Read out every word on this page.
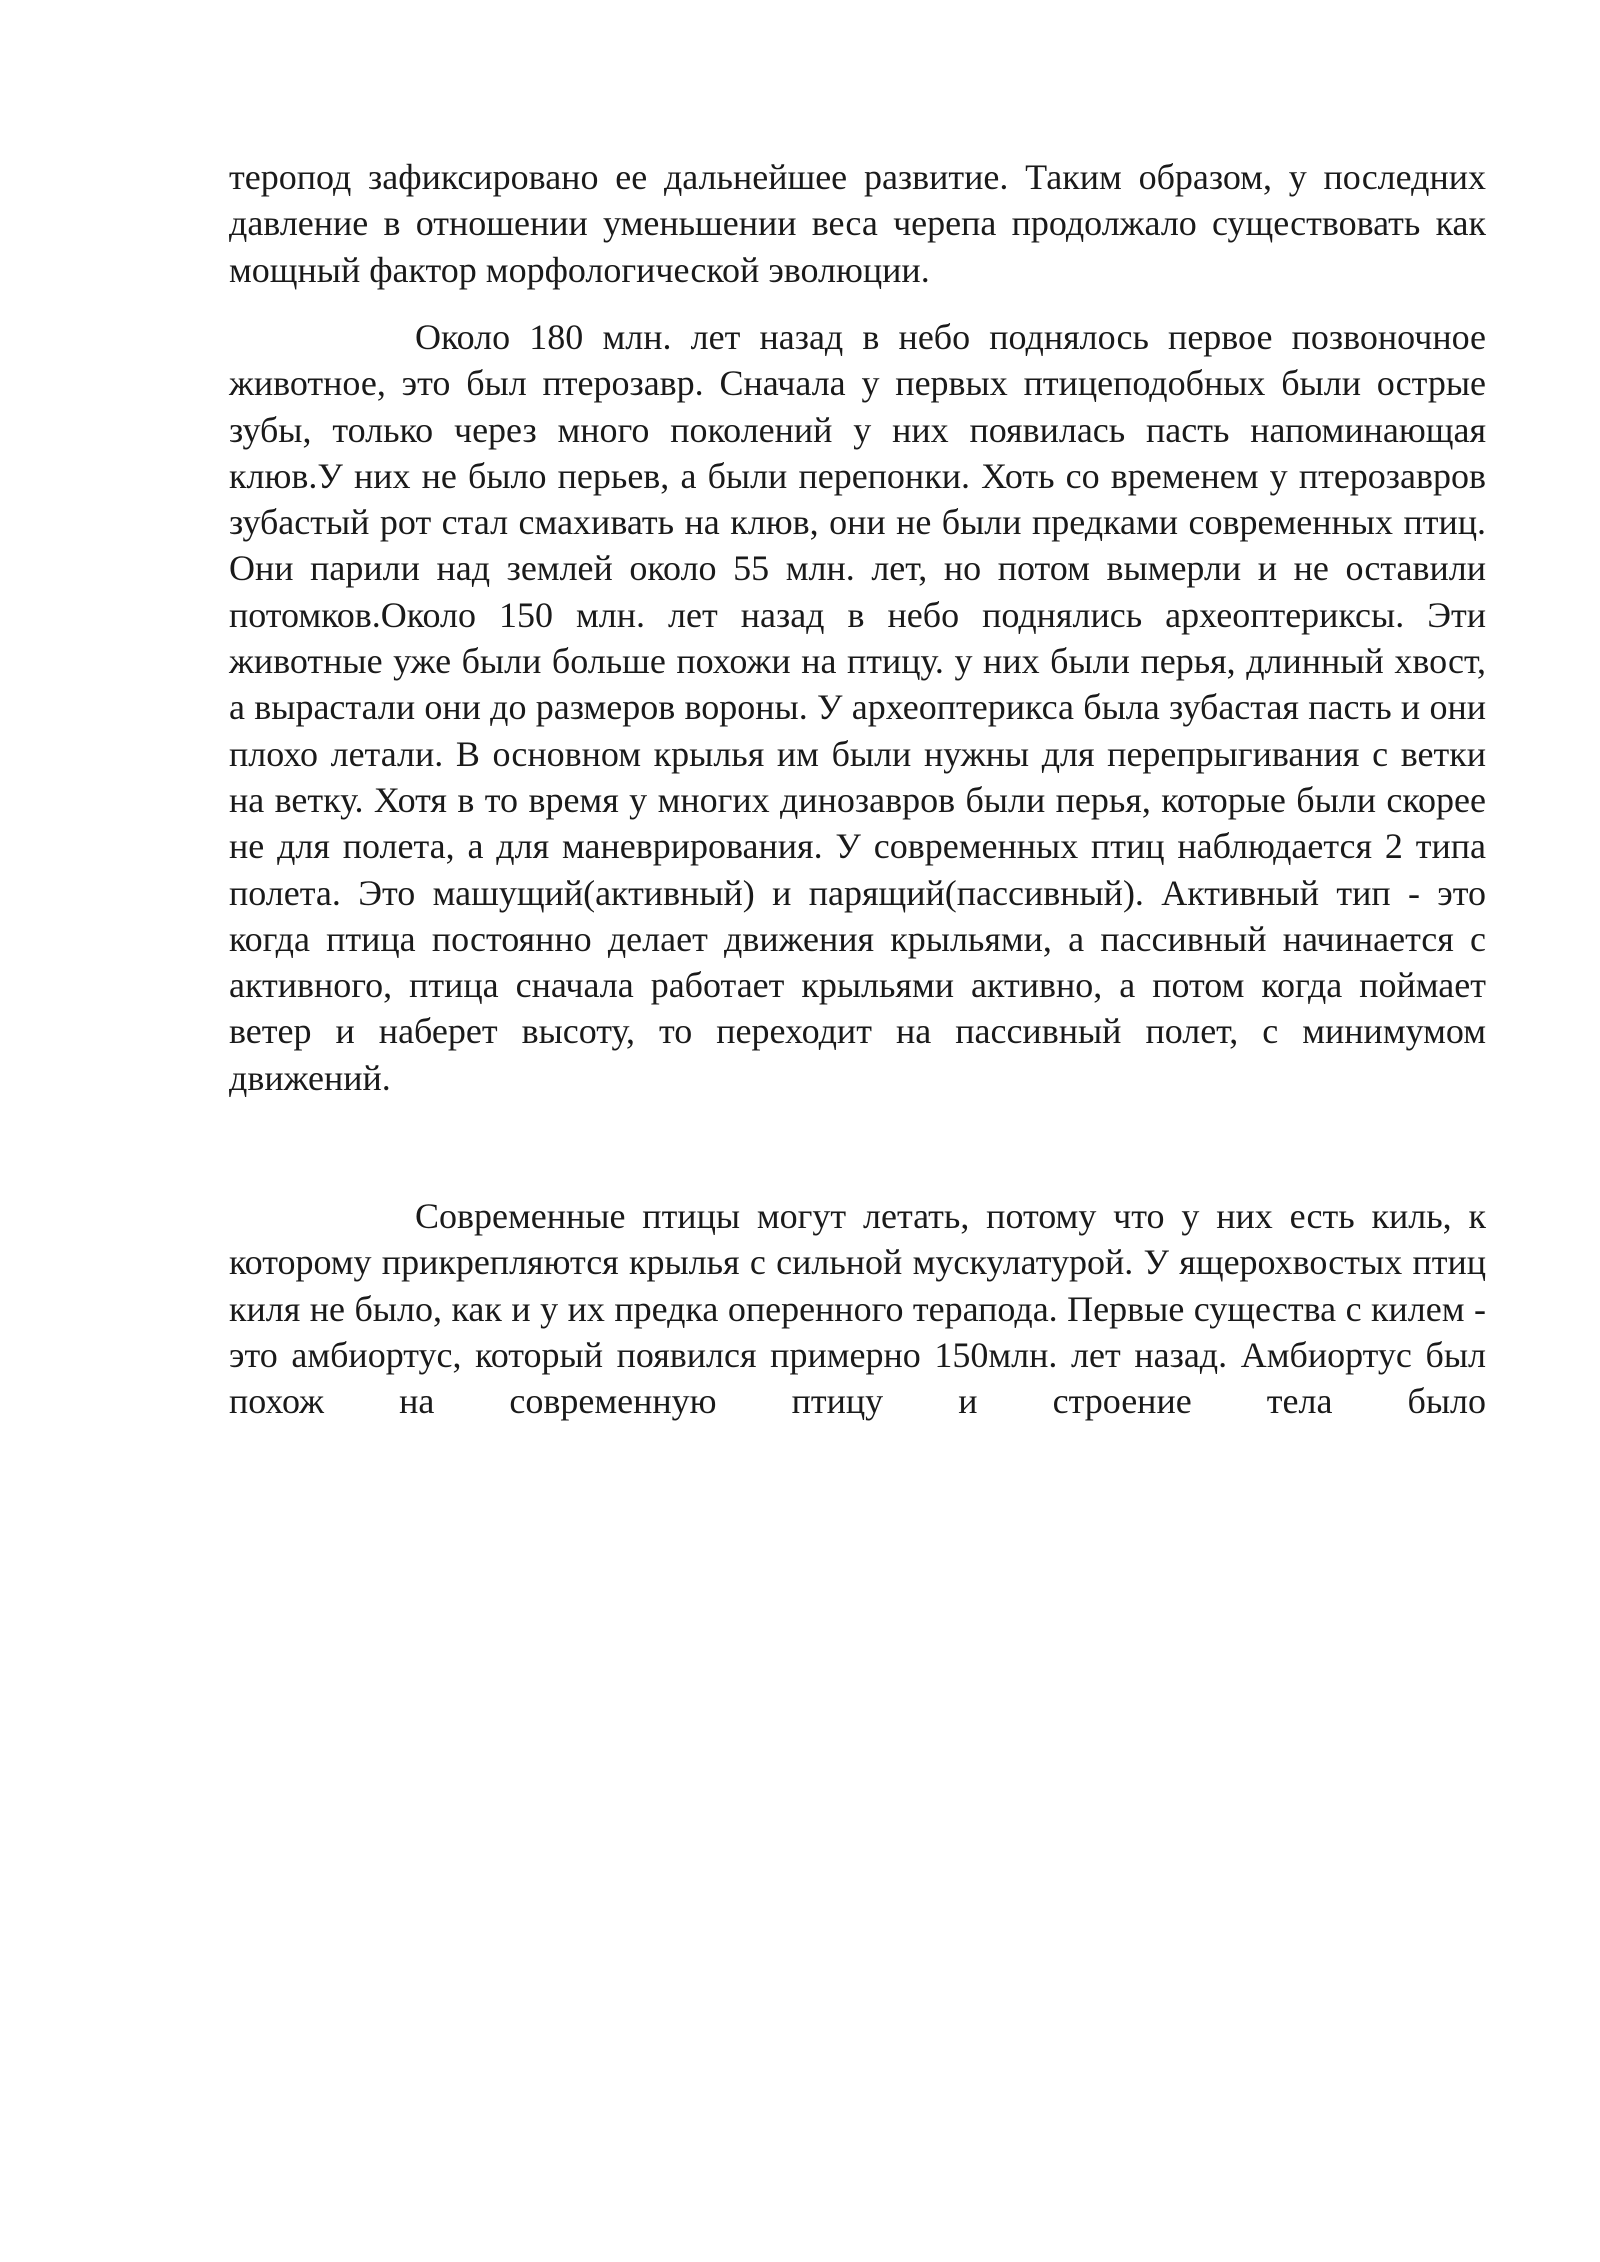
теропод зафиксировано ее дальнейшее развитие. Таким образом, у последних давление в отношении уменьшении веса черепа продолжало существовать как мощный фактор морфологической эволюции.

Около 180 млн. лет назад в небо поднялось первое позвоночное животное, это был птерозавр. Сначала у первых птицеподобных были острые зубы, только через много поколений у них появилась пасть напоминающая клюв.У них не было перьев, а были перепонки. Хоть со временем у птерозавров зубастый рот стал смахивать на клюв, они не были предками современных птиц. Они парили над землей около 55 млн. лет, но потом вымерли и не оставили потомков.Около 150 млн. лет назад в небо поднялись археоптериксы. Эти животные уже были больше похожи на птицу. у них были перья, длинный хвост, а вырастали они до размеров вороны. У археоптерикса была зубастая пасть и они плохо летали. В основном крылья им были нужны для перепрыгивания с ветки на ветку. Хотя в то время у многих динозавров были перья, которые были скорее не для полета, а для маневрирования. У современных птиц наблюдается 2 типа полета. Это машущий(активный) и парящий(пассивный). Активный тип - это когда птица постоянно делает движения крыльями, а пассивный начинается с активного, птица сначала работает крыльями активно, а потом когда поймает ветер и наберет высоту, то переходит на пассивный полет, с минимумом движений.

Современные птицы могут летать, потому что у них есть киль, к которому прикрепляются крылья с сильной мускулатурой. У ящерохвостых птиц киля не было, как и у их предка оперенного терапода. Первые существа с килем - это амбиортус, который появился примерно 150млн. лет назад. Амбиортус был похож на современную птицу и строение тела было
